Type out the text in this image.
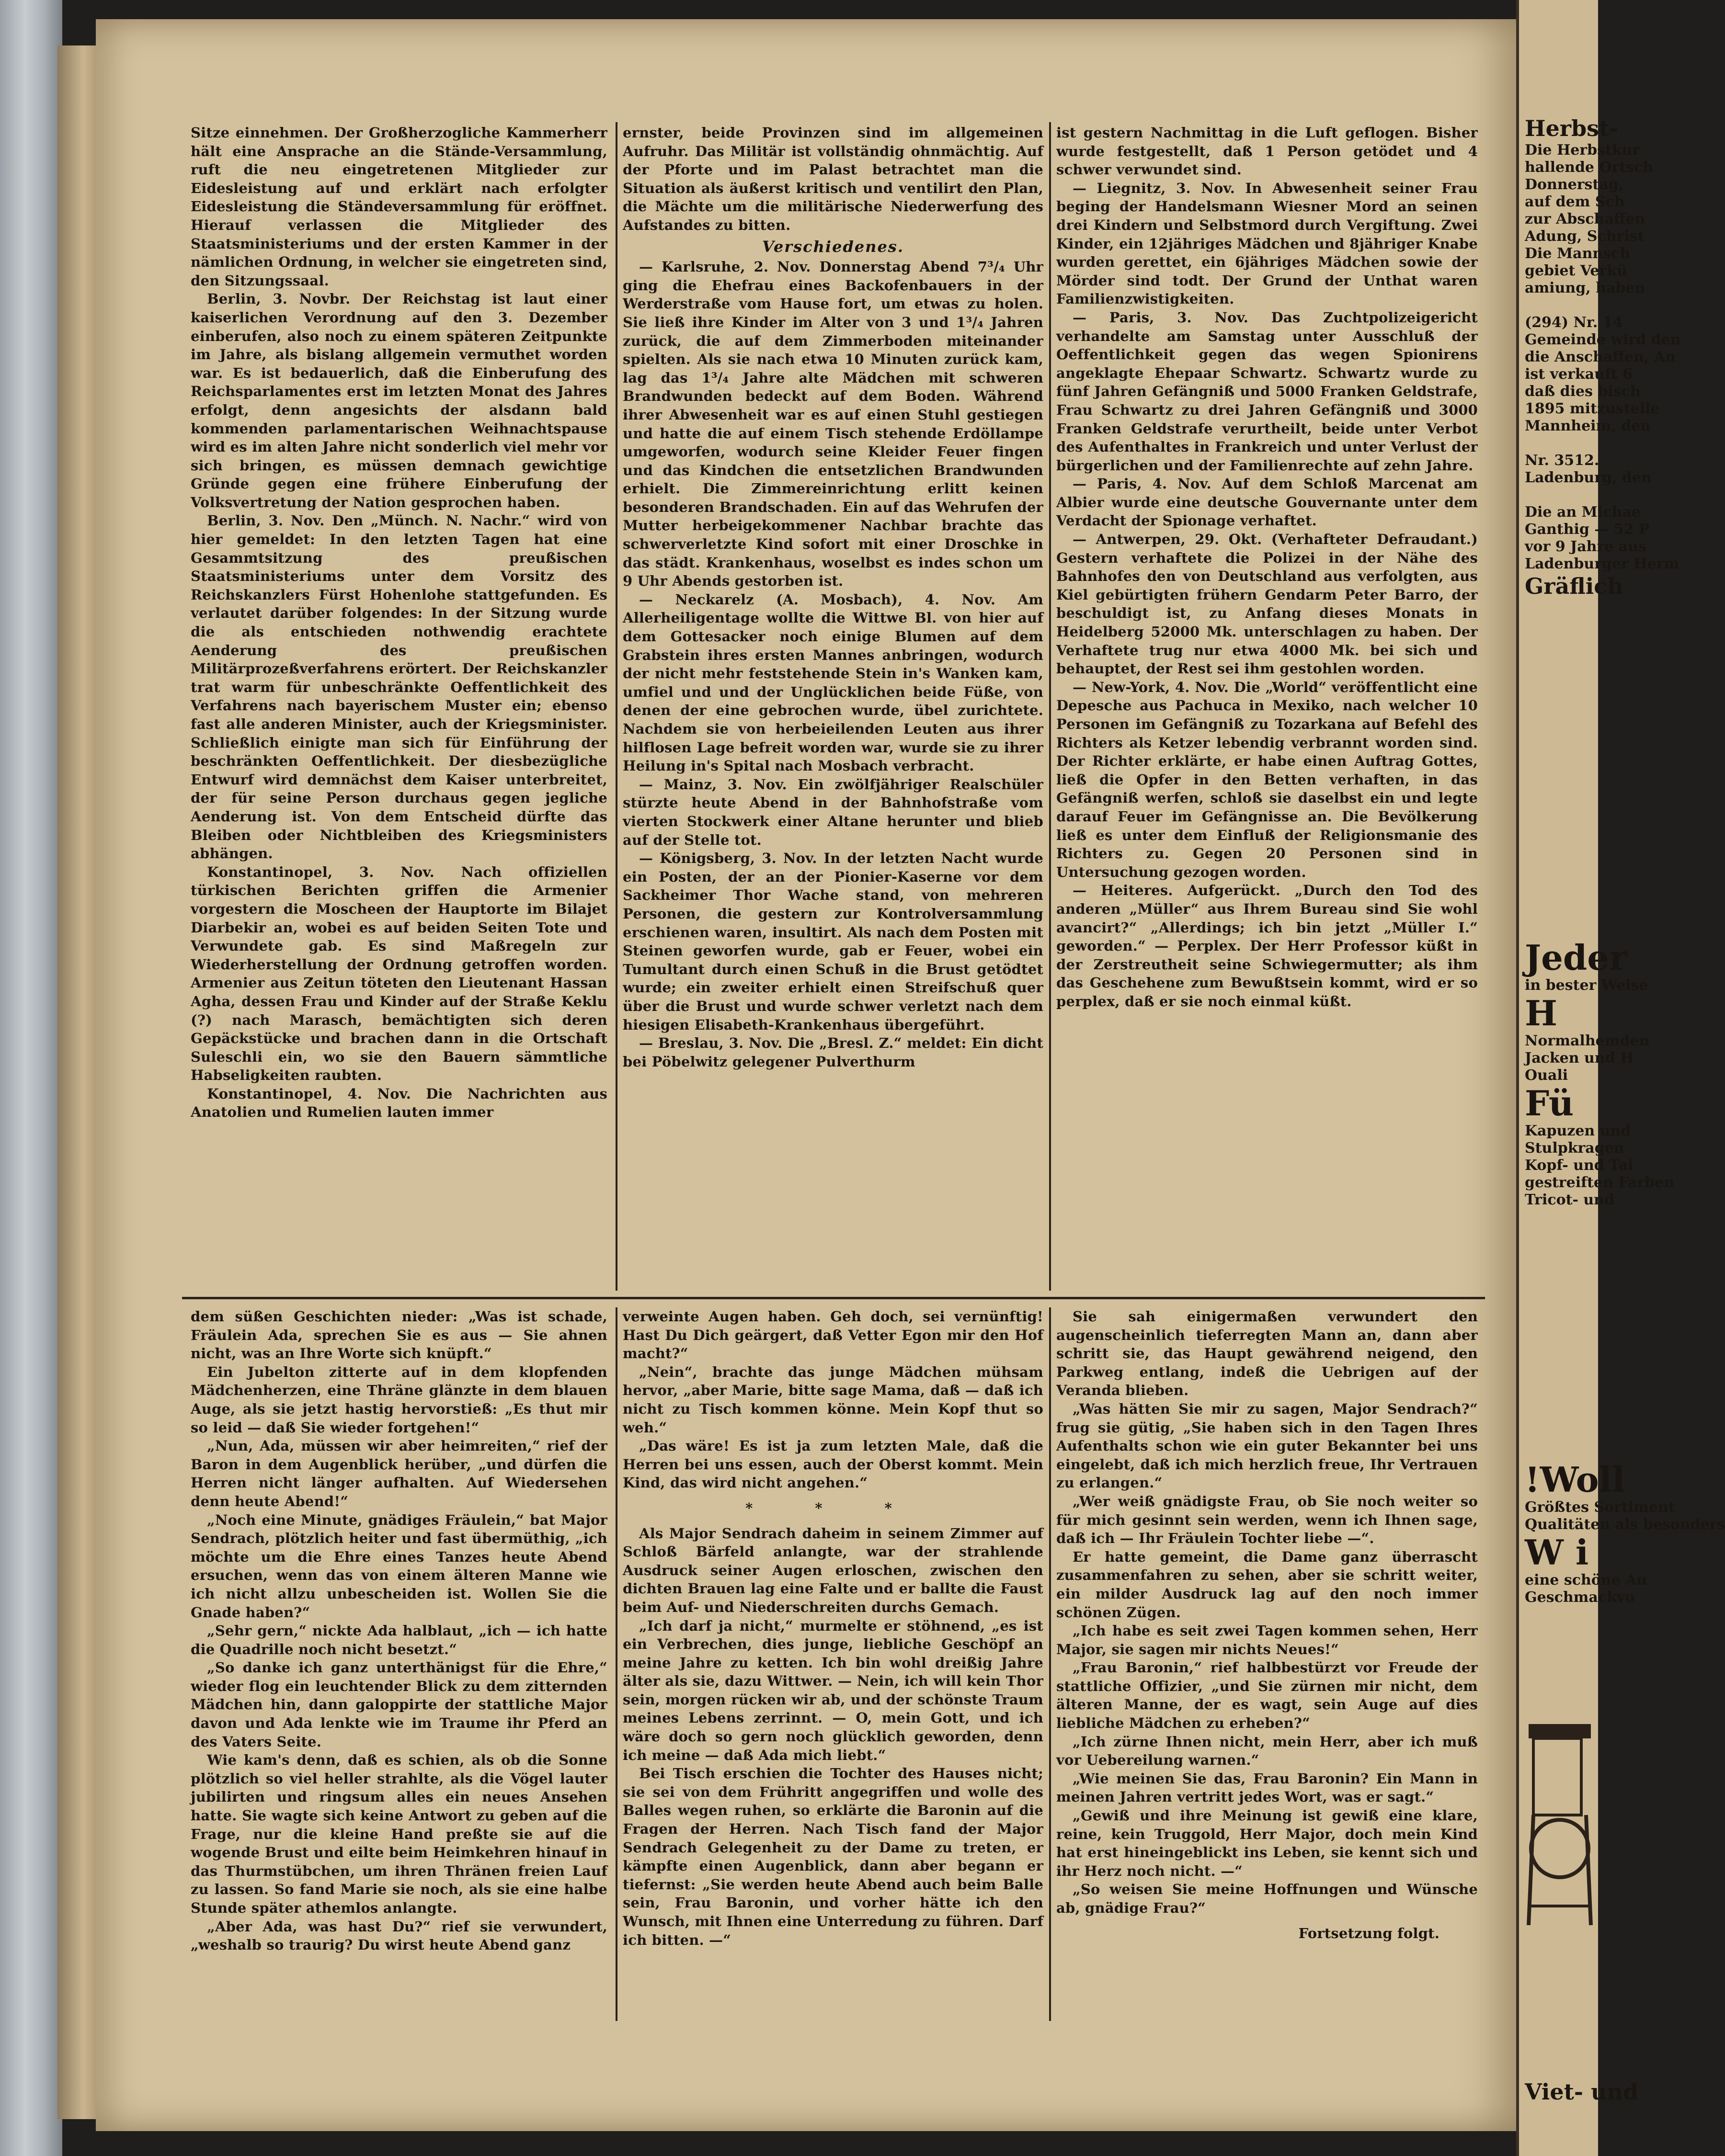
Sitze einnehmen. Der Großherzogliche Kammerherr hält eine Ansprache an die Stände-Versammlung, ruft die neu eingetretenen Mitglieder zur Eidesleistung auf und erklärt nach erfolgter Eidesleistung die Ständeversammlung für eröffnet. Hierauf verlassen die Mitglieder des Staatsministeriums und der ersten Kammer in der nämlichen Ordnung, in welcher sie eingetreten sind, den Sitzungssaal.

Berlin, 3. Novbr. Der Reichstag ist laut einer kaiserlichen Verordnung auf den 3. Dezember einberufen, also noch zu einem späteren Zeitpunkte im Jahre, als bislang allgemein vermuthet worden war. Es ist bedauerlich, daß die Einberufung des Reichsparlamentes erst im letzten Monat des Jahres erfolgt, denn angesichts der alsdann bald kommenden parlamentarischen Weihnachtspause wird es im alten Jahre nicht sonderlich viel mehr vor sich bringen, es müssen demnach gewichtige Gründe gegen eine frühere Einberufung der Volksvertretung der Nation gesprochen haben.

Berlin, 3. Nov. Den „Münch. N. Nachr.“ wird von hier gemeldet: In den letzten Tagen hat eine Gesammtsitzung des preußischen Staatsministeriums unter dem Vorsitz des Reichskanzlers Fürst Hohenlohe stattgefunden. Es verlautet darüber folgendes: In der Sitzung wurde die als entschieden nothwendig erachtete Aenderung des preußischen Militärprozeßverfahrens erörtert. Der Reichskanzler trat warm für unbeschränkte Oeffentlichkeit des Verfahrens nach bayerischem Muster ein; ebenso fast alle anderen Minister, auch der Kriegsminister. Schließlich einigte man sich für Einführung der beschränkten Oeffentlichkeit. Der diesbezügliche Entwurf wird demnächst dem Kaiser unterbreitet, der für seine Person durchaus gegen jegliche Aenderung ist. Von dem Entscheid dürfte das Bleiben oder Nichtbleiben des Kriegsministers abhängen.

Konstantinopel, 3. Nov. Nach offiziellen türkischen Berichten griffen die Armenier vorgestern die Moscheen der Hauptorte im Bilajet Diarbekir an, wobei es auf beiden Seiten Tote und Verwundete gab. Es sind Maßregeln zur Wiederherstellung der Ordnung getroffen worden. Armenier aus Zeitun töteten den Lieutenant Hassan Agha, dessen Frau und Kinder auf der Straße Keklu (?) nach Marasch, bemächtigten sich deren Gepäckstücke und brachen dann in die Ortschaft Suleschli ein, wo sie den Bauern sämmtliche Habseligkeiten raubten.

Konstantinopel, 4. Nov. Die Nachrichten aus Anatolien und Rumelien lauten immer

ernster, beide Provinzen sind im allgemeinen Aufruhr. Das Militär ist vollständig ohnmächtig. Auf der Pforte und im Palast betrachtet man die Situation als äußerst kritisch und ventilirt den Plan, die Mächte um die militärische Niederwerfung des Aufstandes zu bitten.

Verschiedenes.

— Karlsruhe, 2. Nov. Donnerstag Abend 7³/₄ Uhr ging die Ehefrau eines Backofenbauers in der Werderstraße vom Hause fort, um etwas zu holen. Sie ließ ihre Kinder im Alter von 3 und 1³/₄ Jahren zurück, die auf dem Zimmerboden miteinander spielten. Als sie nach etwa 10 Minuten zurück kam, lag das 1³/₄ Jahre alte Mädchen mit schweren Brandwunden bedeckt auf dem Boden. Während ihrer Abwesenheit war es auf einen Stuhl gestiegen und hatte die auf einem Tisch stehende Erdöllampe umgeworfen, wodurch seine Kleider Feuer fingen und das Kindchen die entsetzlichen Brandwunden erhielt. Die Zimmereinrichtung erlitt keinen besonderen Brandschaden. Ein auf das Wehrufen der Mutter herbeigekommener Nachbar brachte das schwerverletzte Kind sofort mit einer Droschke in das städt. Krankenhaus, woselbst es indes schon um 9 Uhr Abends gestorben ist.

— Neckarelz (A. Mosbach), 4. Nov. Am Allerheiligentage wollte die Wittwe Bl. von hier auf dem Gottesacker noch einige Blumen auf dem Grabstein ihres ersten Mannes anbringen, wodurch der nicht mehr feststehende Stein in's Wanken kam, umfiel und und der Unglücklichen beide Füße, von denen der eine gebrochen wurde, übel zurichtete. Nachdem sie von herbeieilenden Leuten aus ihrer hilflosen Lage befreit worden war, wurde sie zu ihrer Heilung in's Spital nach Mosbach verbracht.

— Mainz, 3. Nov. Ein zwölfjähriger Realschüler stürzte heute Abend in der Bahnhofstraße vom vierten Stockwerk einer Altane herunter und blieb auf der Stelle tot.

— Königsberg, 3. Nov. In der letzten Nacht wurde ein Posten, der an der Pionier-Kaserne vor dem Sackheimer Thor Wache stand, von mehreren Personen, die gestern zur Kontrolversammlung erschienen waren, insultirt. Als nach dem Posten mit Steinen geworfen wurde, gab er Feuer, wobei ein Tumultant durch einen Schuß in die Brust getödtet wurde; ein zweiter erhielt einen Streifschuß quer über die Brust und wurde schwer verletzt nach dem hiesigen Elisabeth-Krankenhaus übergeführt.

— Breslau, 3. Nov. Die „Bresl. Z.“ meldet: Ein dicht bei Pöbelwitz gelegener Pulverthurm

ist gestern Nachmittag in die Luft geflogen. Bisher wurde festgestellt, daß 1 Person getödet und 4 schwer verwundet sind.

— Liegnitz, 3. Nov. In Abwesenheit seiner Frau beging der Handelsmann Wiesner Mord an seinen drei Kindern und Selbstmord durch Vergiftung. Zwei Kinder, ein 12jähriges Mädchen und 8jähriger Knabe wurden gerettet, ein 6jähriges Mädchen sowie der Mörder sind todt. Der Grund der Unthat waren Familienzwistigkeiten.

— Paris, 3. Nov. Das Zuchtpolizeigericht verhandelte am Samstag unter Ausschluß der Oeffentlichkeit gegen das wegen Spionirens angeklagte Ehepaar Schwartz. Schwartz wurde zu fünf Jahren Gefängniß und 5000 Franken Geldstrafe, Frau Schwartz zu drei Jahren Gefängniß und 3000 Franken Geldstrafe verurtheilt, beide unter Verbot des Aufenthaltes in Frankreich und unter Verlust der bürgerlichen und der Familienrechte auf zehn Jahre.

— Paris, 4. Nov. Auf dem Schloß Marcenat am Albier wurde eine deutsche Gouvernante unter dem Verdacht der Spionage verhaftet.

— Antwerpen, 29. Okt. (Verhafteter Defraudant.) Gestern verhaftete die Polizei in der Nähe des Bahnhofes den von Deutschland aus verfolgten, aus Kiel gebürtigten frühern Gendarm Peter Barro, der beschuldigt ist, zu Anfang dieses Monats in Heidelberg 52000 Mk. unterschlagen zu haben. Der Verhaftete trug nur etwa 4000 Mk. bei sich und behauptet, der Rest sei ihm gestohlen worden.

— New-York, 4. Nov. Die „World“ veröffentlicht eine Depesche aus Pachuca in Mexiko, nach welcher 10 Personen im Gefängniß zu Tozarkana auf Befehl des Richters als Ketzer lebendig verbrannt worden sind. Der Richter erklärte, er habe einen Auftrag Gottes, ließ die Opfer in den Betten verhaften, in das Gefängniß werfen, schloß sie daselbst ein und legte darauf Feuer im Gefängnisse an. Die Bevölkerung ließ es unter dem Einfluß der Religionsmanie des Richters zu. Gegen 20 Personen sind in Untersuchung gezogen worden.

— Heiteres. Aufgerückt. „Durch den Tod des anderen „Müller“ aus Ihrem Bureau sind Sie wohl avancirt?“ „Allerdings; ich bin jetzt „Müller I.“ geworden.“ — Perplex. Der Herr Professor küßt in der Zerstreutheit seine Schwiegermutter; als ihm das Geschehene zum Bewußtsein kommt, wird er so perplex, daß er sie noch einmal küßt.

dem süßen Geschichten nieder: „Was ist schade, Fräulein Ada, sprechen Sie es aus — Sie ahnen nicht, was an Ihre Worte sich knüpft.“

Ein Jubelton zitterte auf in dem klopfenden Mädchenherzen, eine Thräne glänzte in dem blauen Auge, als sie jetzt hastig hervorstieß: „Es thut mir so leid — daß Sie wieder fortgehen!“

„Nun, Ada, müssen wir aber heimreiten,“ rief der Baron in dem Augenblick herüber, „und dürfen die Herren nicht länger aufhalten. Auf Wiedersehen denn heute Abend!“

„Noch eine Minute, gnädiges Fräulein,“ bat Major Sendrach, plötzlich heiter und fast übermüthig, „ich möchte um die Ehre eines Tanzes heute Abend ersuchen, wenn das von einem älteren Manne wie ich nicht allzu unbescheiden ist. Wollen Sie die Gnade haben?“

„Sehr gern,“ nickte Ada halblaut, „ich — ich hatte die Quadrille noch nicht besetzt.“

„So danke ich ganz unterthänigst für die Ehre,“ wieder flog ein leuchtender Blick zu dem zitternden Mädchen hin, dann galoppirte der stattliche Major davon und Ada lenkte wie im Traume ihr Pferd an des Vaters Seite.

Wie kam's denn, daß es schien, als ob die Sonne plötzlich so viel heller strahlte, als die Vögel lauter jubilirten und ringsum alles ein neues Ansehen hatte. Sie wagte sich keine Antwort zu geben auf die Frage, nur die kleine Hand preßte sie auf die wogende Brust und eilte beim Heimkehren hinauf in das Thurmstübchen, um ihren Thränen freien Lauf zu lassen. So fand Marie sie noch, als sie eine halbe Stunde später athemlos anlangte.

„Aber Ada, was hast Du?“ rief sie verwundert, „weshalb so traurig? Du wirst heute Abend ganz

verweinte Augen haben. Geh doch, sei vernünftig! Hast Du Dich geärgert, daß Vetter Egon mir den Hof macht?“

„Nein“, brachte das junge Mädchen mühsam hervor, „aber Marie, bitte sage Mama, daß — daß ich nicht zu Tisch kommen könne. Mein Kopf thut so weh.“

„Das wäre! Es ist ja zum letzten Male, daß die Herren bei uns essen, auch der Oberst kommt. Mein Kind, das wird nicht angehen.“

* * *

Als Major Sendrach daheim in seinem Zimmer auf Schloß Bärfeld anlangte, war der strahlende Ausdruck seiner Augen erloschen, zwischen den dichten Brauen lag eine Falte und er ballte die Faust beim Auf- und Niederschreiten durchs Gemach.

„Ich darf ja nicht,“ murmelte er stöhnend, „es ist ein Verbrechen, dies junge, liebliche Geschöpf an meine Jahre zu ketten. Ich bin wohl dreißig Jahre älter als sie, dazu Wittwer. — Nein, ich will kein Thor sein, morgen rücken wir ab, und der schönste Traum meines Lebens zerrinnt. — O, mein Gott, und ich wäre doch so gern noch glücklich geworden, denn ich meine — daß Ada mich liebt.“

Bei Tisch erschien die Tochter des Hauses nicht; sie sei von dem Frühritt angegriffen und wolle des Balles wegen ruhen, so erklärte die Baronin auf die Fragen der Herren. Nach Tisch fand der Major Sendrach Gelegenheit zu der Dame zu treten, er kämpfte einen Augenblick, dann aber begann er tiefernst: „Sie werden heute Abend auch beim Balle sein, Frau Baronin, und vorher hätte ich den Wunsch, mit Ihnen eine Unterredung zu führen. Darf ich bitten. —“

Sie sah einigermaßen verwundert den augenscheinlich tieferregten Mann an, dann aber schritt sie, das Haupt gewährend neigend, den Parkweg entlang, indeß die Uebrigen auf der Veranda blieben.

„Was hätten Sie mir zu sagen, Major Sendrach?“ frug sie gütig, „Sie haben sich in den Tagen Ihres Aufenthalts schon wie ein guter Bekannter bei uns eingelebt, daß ich mich herzlich freue, Ihr Vertrauen zu erlangen.“

„Wer weiß gnädigste Frau, ob Sie noch weiter so für mich gesinnt sein werden, wenn ich Ihnen sage, daß ich — Ihr Fräulein Tochter liebe —“.

Er hatte gemeint, die Dame ganz überrascht zusammenfahren zu sehen, aber sie schritt weiter, ein milder Ausdruck lag auf den noch immer schönen Zügen.

„Ich habe es seit zwei Tagen kommen sehen, Herr Major, sie sagen mir nichts Neues!“

„Frau Baronin,“ rief halbbestürzt vor Freude der stattliche Offizier, „und Sie zürnen mir nicht, dem älteren Manne, der es wagt, sein Auge auf dies liebliche Mädchen zu erheben?“

„Ich zürne Ihnen nicht, mein Herr, aber ich muß vor Uebereilung warnen.“

„Wie meinen Sie das, Frau Baronin? Ein Mann in meinen Jahren vertritt jedes Wort, was er sagt.“

„Gewiß und ihre Meinung ist gewiß eine klare, reine, kein Truggold, Herr Major, doch mein Kind hat erst hineingeblickt ins Leben, sie kennt sich und ihr Herz noch nicht. —“

„So weisen Sie meine Hoffnungen und Wünsche ab, gnädige Frau?“

Fortsetzung folgt.
Herbst-
Die Herbstkur
hallende Ortsch
Donnerstag,
auf dem Sch
zur Abschaffen
Adung, Schrist
Die Mannsch
gebiet Verkü
amiung, haben

(294) Nr. 14
Gemeinde wird den
die Anschaffen, An
ist verkauft 6
daß dies bisch
1895 mitzustelle
Mannheim, den

Nr. 3512.
Ladenburg, den

Die an Michae
Ganthig — 52 P
vor 9 Jahre aus
Ladenburger Herm
Gräflich
Jeder
in bester Weise
H
Normalhemden
Jacken und H
Ouali
Fü
Kapuzen und
Stulpkragen
Kopf- und Tai
gestreiften Farben
Tricot- und
!Woll
Größtes Sortiment
Qualitäten als besonders
W i
eine schöne Au
Geschmackvo
Viet- und
